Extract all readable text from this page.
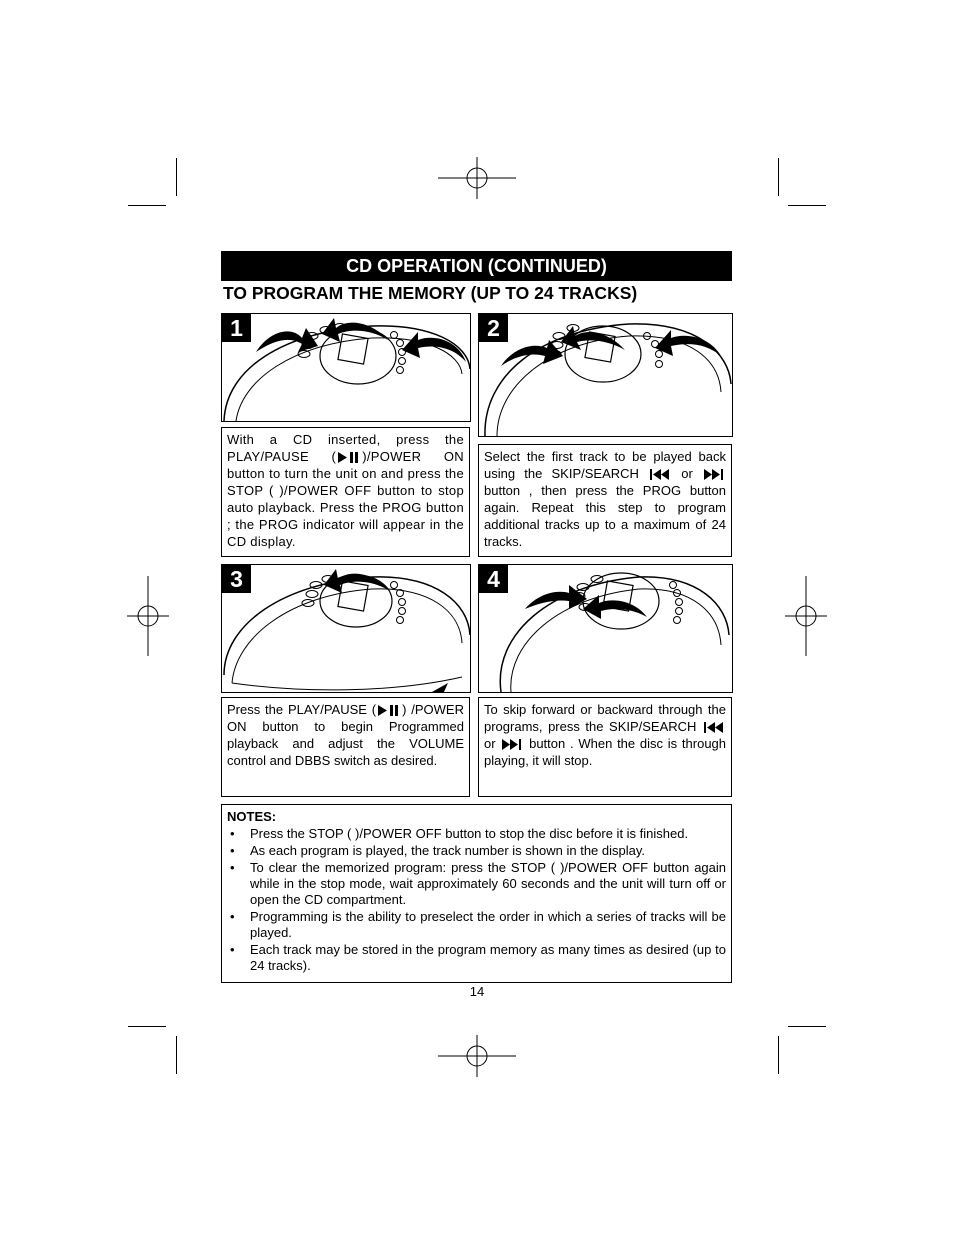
CD OPERATION (CONTINUED)
TO PROGRAM THE MEMORY (UP TO 24 TRACKS)
1	2
With a CD inserted, press the PLAY/PAUSE ( )/POWER ON button to turn the unit on and press the STOP ( )/POWER OFF button to stop auto playback. Press the PROG button ; the PROG indicator will appear in the CD display.
Select the first track to be played back using the SKIP/SEARCH  or  button , then press the PROG button again. Repeat this step to program additional tracks up to a maximum of 24 tracks.
3	4
Press the PLAY/PAUSE ( ) /POWER ON button to begin Programmed playback and adjust the VOLUME control and DBBS switch as desired.
To skip forward or backward through the programs, press the SKIP/SEARCH  or  button . When the disc is through playing, it will stop.
NOTES:
• Press the STOP ( )/POWER OFF button to stop the disc before it is finished.
• As each program is played, the track number is shown in the display.
• To clear the memorized program: press the STOP ( )/POWER OFF button again while in the stop mode, wait approximately 60 seconds and the unit will turn off or open the CD compartment.
• Programming is the ability to preselect the order in which a series of tracks will be played.
• Each track may be stored in the program memory as many times as desired (up to 24 tracks).
14
